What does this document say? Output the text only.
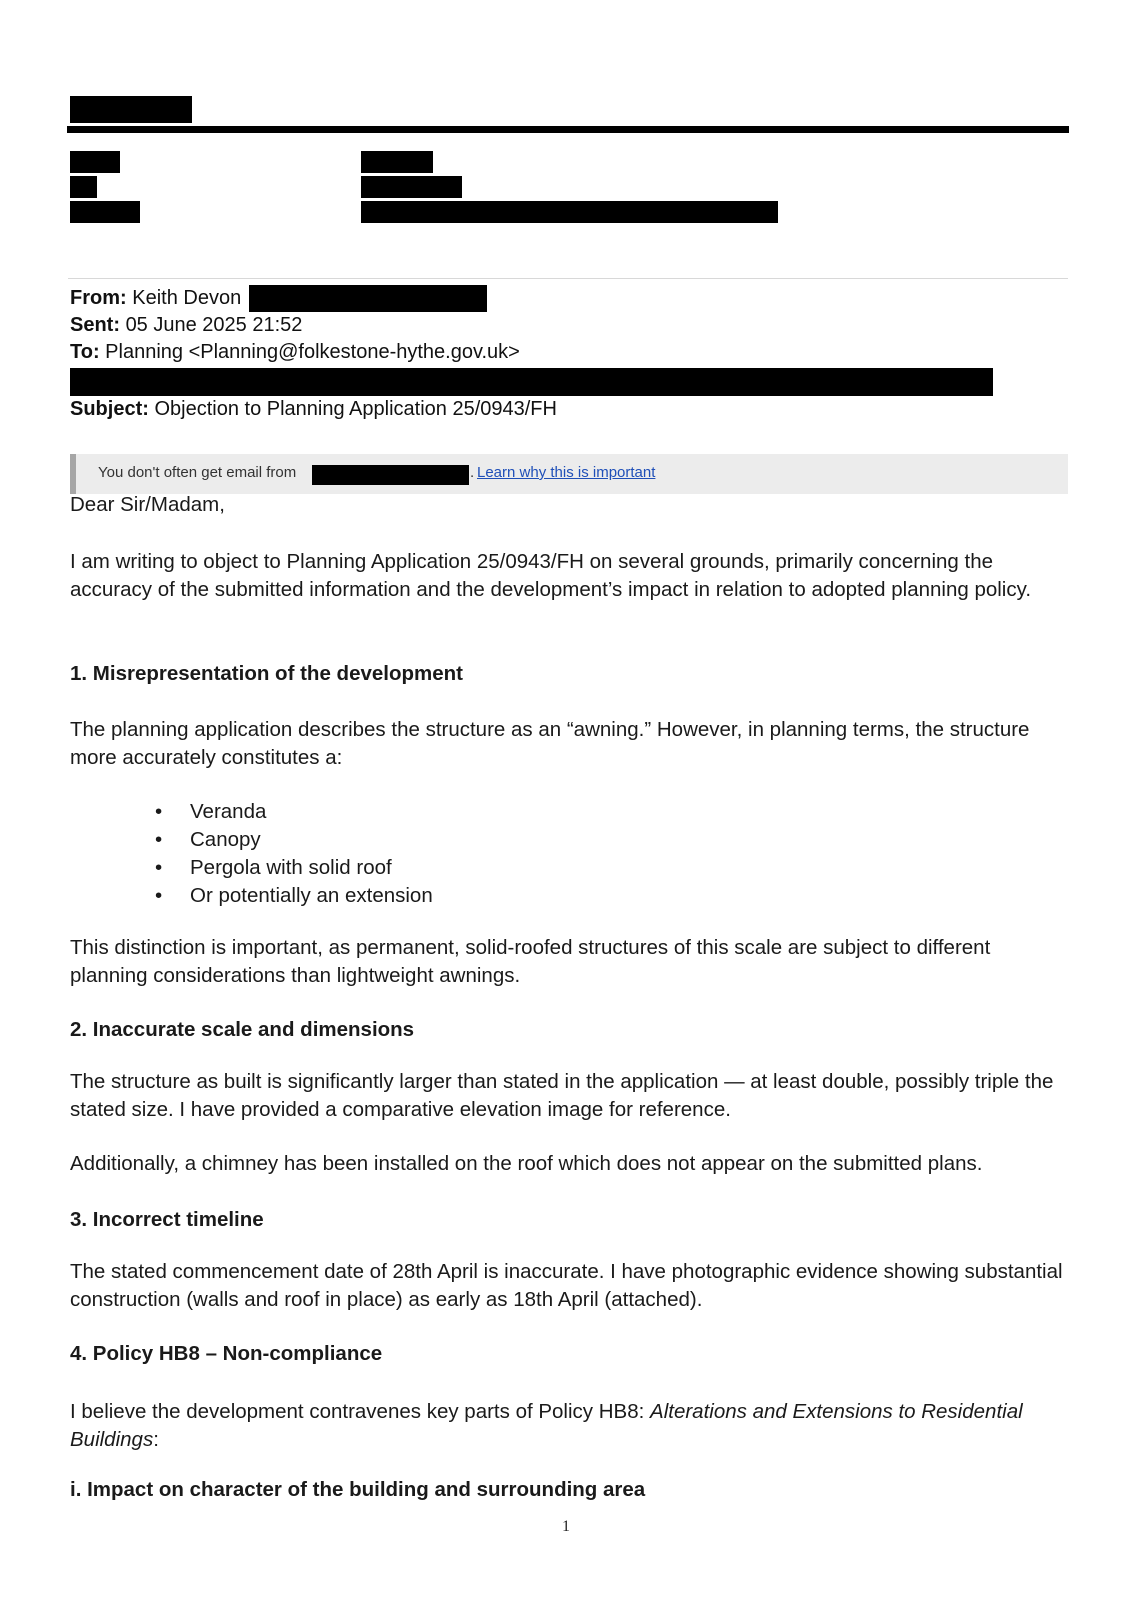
From: Keith Devon
Sent: 05 June 2025 21:52
To: Planning <Planning@folkestone-hythe.gov.uk>
Subject: Objection to Planning Application 25/0943/FH
You don't often get email from	. Learn why this is important
Dear Sir/Madam,
I am writing to object to Planning Application 25/0943/FH on several grounds, primarily concerning the accuracy of the submitted information and the development’s impact in relation to adopted planning policy.
1. Misrepresentation of the development
The planning application describes the structure as an “awning.” However, in planning terms, the structure more accurately constitutes a:
• Veranda
• Canopy
• Pergola with solid roof
• Or potentially an extension
This distinction is important, as permanent, solid-roofed structures of this scale are subject to different planning considerations than lightweight awnings.
2. Inaccurate scale and dimensions
The structure as built is significantly larger than stated in the application — at least double, possibly triple the stated size. I have provided a comparative elevation image for reference.
Additionally, a chimney has been installed on the roof which does not appear on the submitted plans.
3. Incorrect timeline
The stated commencement date of 28th April is inaccurate. I have photographic evidence showing substantial construction (walls and roof in place) as early as 18th April (attached).
4. Policy HB8 – Non-compliance
I believe the development contravenes key parts of Policy HB8: Alterations and Extensions to Residential Buildings:
i. Impact on character of the building and surrounding area
1
